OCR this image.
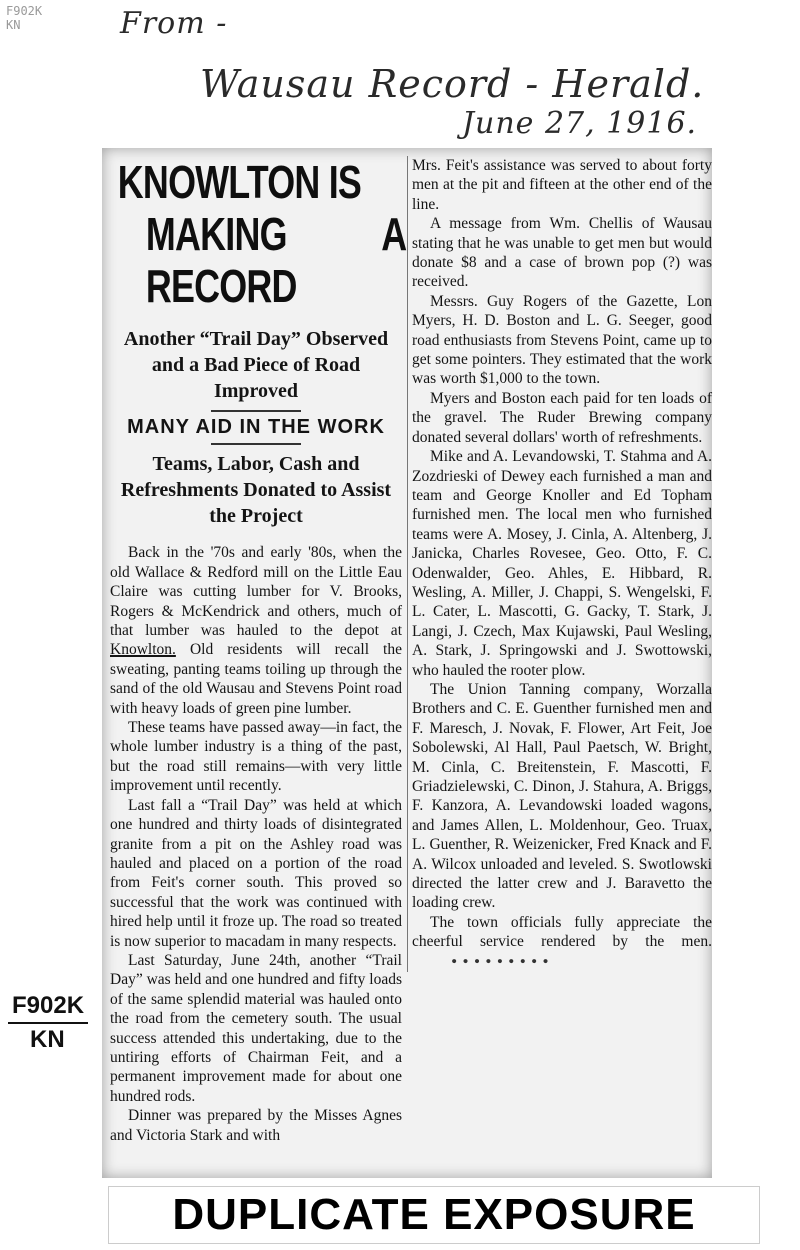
F902K
KN	From -
Wausau Record - Herald.
June 27, 1916.
KNOWLTON IS
MAKING A RECORD
Another “Trail Day” Observed and a Bad Piece of Road Improved
MANY AID IN THE WORK
Teams, Labor, Cash and Refreshments Donated to Assist the Project

Back in the '70s and early '80s, when the old Wallace & Redford mill on the Little Eau Claire was cutting lumber for V. Brooks, Rogers & McKendrick and others, much of that lumber was hauled to the depot at Knowlton. Old residents will recall the sweating, panting teams toiling up through the sand of the old Wausau and Stevens Point road with heavy loads of green pine lumber.

These teams have passed away—in fact, the whole lumber industry is a thing of the past, but the road still remains—with very little improvement until recently.

Last fall a “Trail Day” was held at which one hundred and thirty loads of disintegrated granite from a pit on the Ashley road was hauled and placed on a portion of the road from Feit's corner south. This proved so successful that the work was continued with hired help until it froze up. The road so treated is now superior to macadam in many respects.

Last Saturday, June 24th, another “Trail Day” was held and one hundred and fifty loads of the same splendid material was hauled onto the road from the cemetery south. The usual success attended this undertaking, due to the untiring efforts of Chairman Feit, and a permanent improvement made for about one hundred rods.

Dinner was prepared by the Misses Agnes and Victoria Stark and with

Mrs. Feit's assistance was served to about forty men at the pit and fifteen at the other end of the line.

A message from Wm. Chellis of Wausau stating that he was unable to get men but would donate $8 and a case of brown pop (?) was received.

Messrs. Guy Rogers of the Gazette, Lon Myers, H. D. Boston and L. G. Seeger, good road enthusiasts from Stevens Point, came up to get some pointers. They estimated that the work was worth $1,000 to the town.

Myers and Boston each paid for ten loads of the gravel. The Ruder Brewing company donated several dollars' worth of refreshments.

Mike and A. Levandowski, T. Stahma and A. Zozdrieski of Dewey each furnished a man and team and George Knoller and Ed Topham furnished men. The local men who furnished teams were A. Mosey, J. Cinla, A. Altenberg, J. Janicka, Charles Rovesee, Geo. Otto, F. C. Odenwalder, Geo. Ahles, E. Hibbard, R. Wesling, A. Miller, J. Chappi, S. Wengelski, F. L. Cater, L. Mascotti, G. Gacky, T. Stark, J. Langi, J. Czech, Max Kujawski, Paul Wesling, A. Stark, J. Springowski and J. Swottowski, who hauled the rooter plow.

The Union Tanning company, Worzalla Brothers and C. E. Guenther furnished men and F. Maresch, J. Novak, F. Flower, Art Feit, Joe Sobolewski, Al Hall, Paul Paetsch, W. Bright, M. Cinla, C. Breitenstein, F. Mascotti, F. Griadzielewski, C. Dinon, J. Stahura, A. Briggs, F. Kanzora, A. Levandowski loaded wagons, and James Allen, L. Moldenhour, Geo. Truax, L. Guenther, R. Weizenicker, Fred Knack and F. A. Wilcox unloaded and leveled. S. Swotlowski directed the latter crew and J. Baravetto the loading crew.

The town officials fully appreciate the cheerful service rendered by the men.∙∙∙∙∙∙∙∙∙

F902K
KN
DUPLICATE EXPOSURE
